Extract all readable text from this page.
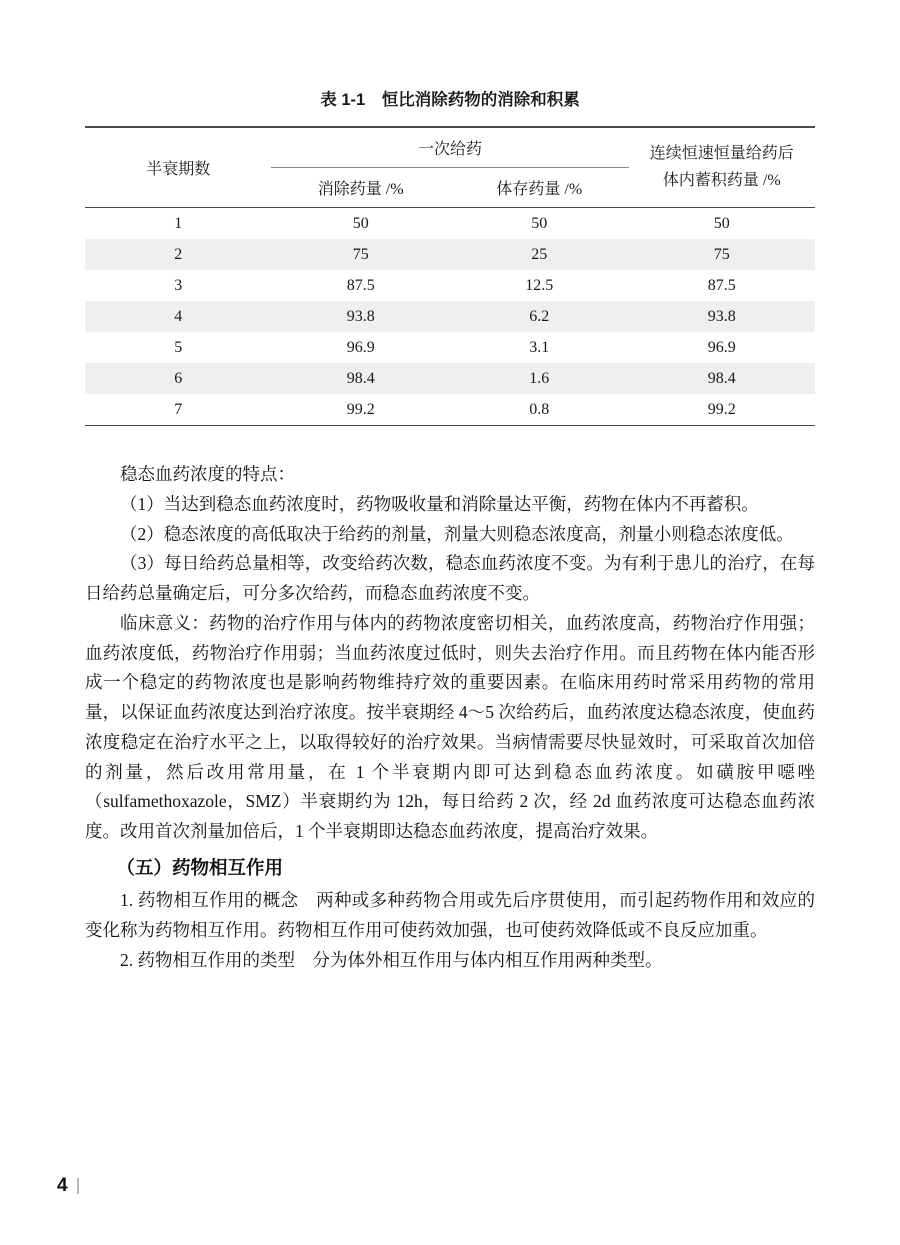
表 1-1　恒比消除药物的消除和积累
半衰期数	一次给药		连续恒速恒量给药后
体内蓄积药量 /%

	消除药量 /%	体存药量 /%	
1	50	50	50
2	75	25	75
3	87.5	12.5	87.5
4	93.8	6.2	93.8
5	96.9	3.1	96.9
6	98.4	1.6	98.4
7	99.2	0.8	99.2

稳态血药浓度的特点：

（1）当达到稳态血药浓度时，药物吸收量和消除量达平衡，药物在体内不再蓄积。

（2）稳态浓度的高低取决于给药的剂量，剂量大则稳态浓度高，剂量小则稳态浓度低。

（3）每日给药总量相等，改变给药次数，稳态血药浓度不变。为有利于患儿的治疗，在每日给药总量确定后，可分多次给药，而稳态血药浓度不变。

临床意义：药物的治疗作用与体内的药物浓度密切相关，血药浓度高，药物治疗作用强；血药浓度低，药物治疗作用弱；当血药浓度过低时，则失去治疗作用。而且药物在体内能否形成一个稳定的药物浓度也是影响药物维持疗效的重要因素。在临床用药时常采用药物的常用量，以保证血药浓度达到治疗浓度。按半衰期经 4～5 次给药后，血药浓度达稳态浓度，使血药浓度稳定在治疗水平之上，以取得较好的治疗效果。当病情需要尽快显效时，可采取首次加倍的剂量，然后改用常用量，在 1 个半衰期内即可达到稳态血药浓度。如磺胺甲噁唑（sulfamethoxazole，SMZ）半衰期约为 12h，每日给药 2 次，经 2d 血药浓度可达稳态血药浓度。改用首次剂量加倍后，1 个半衰期即达稳态血药浓度，提高治疗效果。

（五）药物相互作用

1. 药物相互作用的概念　两种或多种药物合用或先后序贯使用，而引起药物作用和效应的变化称为药物相互作用。药物相互作用可使药效加强，也可使药效降低或不良反应加重。

2. 药物相互作用的类型　分为体外相互作用与体内相互作用两种类型。

4
